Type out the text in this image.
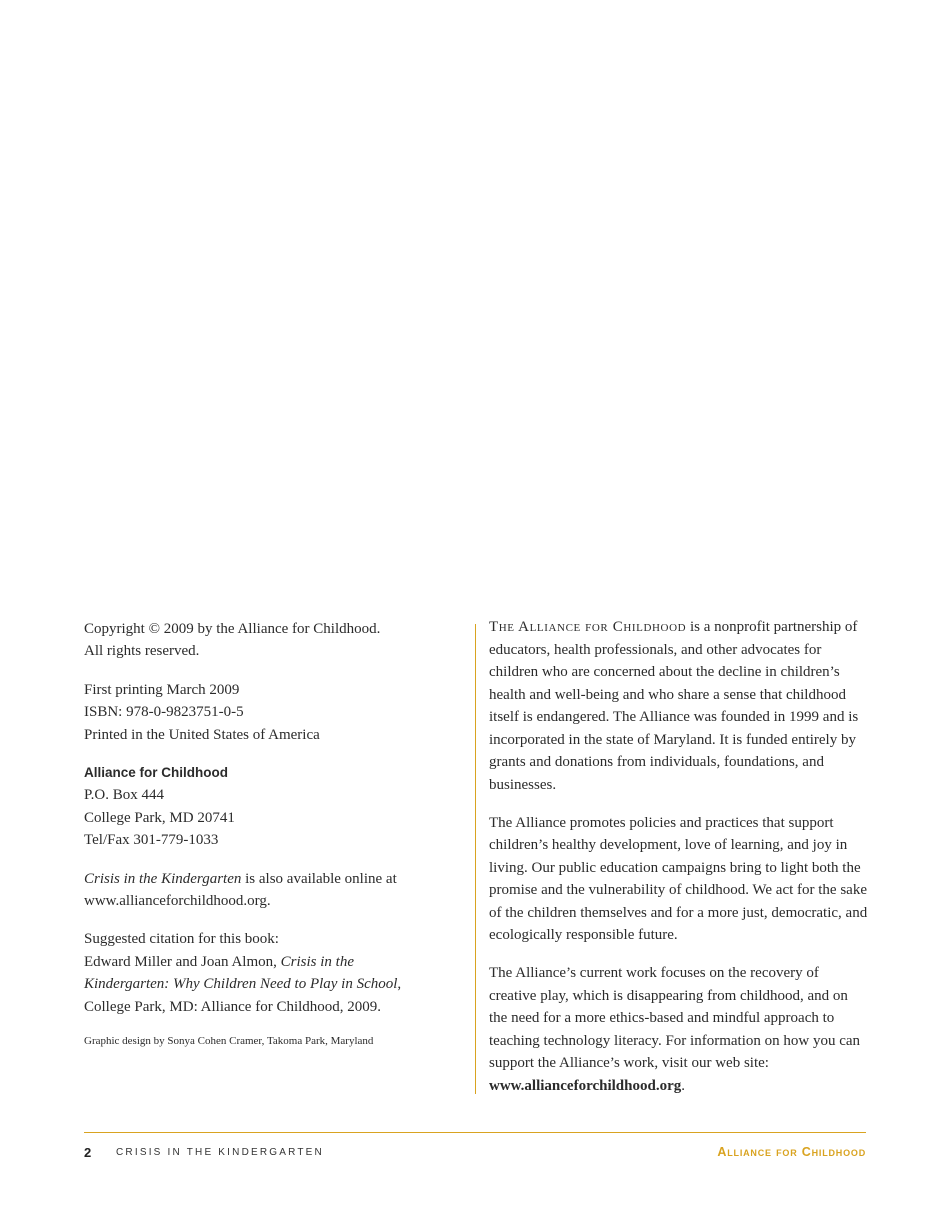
Copyright © 2009 by the Alliance for Childhood.
All rights reserved.

First printing March 2009
ISBN: 978-0-9823751-0-5
Printed in the United States of America

Alliance for Childhood
P.O. Box 444
College Park, MD 20741
Tel/Fax 301-779-1033

Crisis in the Kindergarten is also available online at
www.allianceforchildhood.org.

Suggested citation for this book:
Edward Miller and Joan Almon, Crisis in the
Kindergarten: Why Children Need to Play in School,
College Park, MD: Alliance for Childhood, 2009.

Graphic design by Sonya Cohen Cramer, Takoma Park, Maryland

The Alliance for Childhood is a nonprofit partnership of educators, health professionals, and other advocates for children who are concerned about the decline in children’s health and well-being and who share a sense that childhood itself is endangered. The Alliance was founded in 1999 and is incorporated in the state of Maryland. It is funded entirely by grants and donations from individuals, foundations, and businesses.

The Alliance promotes policies and practices that support children’s healthy development, love of learning, and joy in living. Our public education campaigns bring to light both the promise and the vulnerability of childhood. We act for the sake of the children themselves and for a more just, democratic, and ecologically responsible future.

The Alliance’s current work focuses on the recovery of creative play, which is disappearing from childhood, and on the need for a more ethics-based and mindful approach to teaching technology literacy. For information on how you can support the Alliance’s work, visit our web site: www.allianceforchildhood.org.

2 CRISIS IN THE KINDERGARTEN	Alliance for Childhood
